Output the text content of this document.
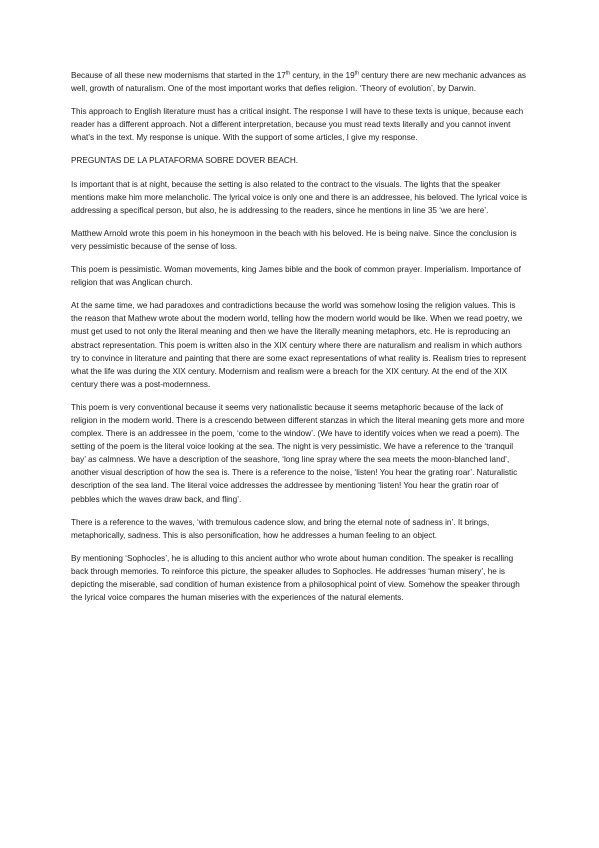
Because of all these new modernisms that started in the 17th century, in the 19th century there are new mechanic advances as well, growth of naturalism. One of the most important works that defies religion. ‘Theory of evolution’, by Darwin.

This approach to English literature must has a critical insight. The response I will have to these texts is unique, because each reader has a different approach. Not a different interpretation, because you must read texts literally and you cannot invent what’s in the text. My response is unique. With the support of some articles, I give my response.

PREGUNTAS DE LA PLATAFORMA SOBRE DOVER BEACH.

Is important that is at night, because the setting is also related to the contract to the visuals. The lights that the speaker mentions make him more melancholic. The lyrical voice is only one and there is an addressee, his beloved. The lyrical voice is addressing a specifical person, but also, he is addressing to the readers, since he mentions in line 35 ‘we are here’.

Matthew Arnold wrote this poem in his honeymoon in the beach with his beloved. He is being naive. Since the conclusion is very pessimistic because of the sense of loss.

This poem is pessimistic. Woman movements, king James bible and the book of common prayer. Imperialism. Importance of religion that was Anglican church.

At the same time, we had paradoxes and contradictions because the world was somehow losing the religion values. This is the reason that Mathew wrote about the modern world, telling how the modern world would be like. When we read poetry, we must get used to not only the literal meaning and then we have the literally meaning metaphors, etc. He is reproducing an abstract representation. This poem is written also in the XIX century where there are naturalism and realism in which authors try to convince in literature and painting that there are some exact representations of what reality is. Realism tries to represent what the life was during the XIX century. Modernism and realism were a breach for the XIX century. At the end of the XIX century there was a post-modernness.

This poem is very conventional because it seems very nationalistic because it seems metaphoric because of the lack of religion in the modern world. There is a crescendo between different stanzas in which the literal meaning gets more and more complex. There is an addressee in the poem, ‘come to the window’. (We have to identify voices when we read a poem). The setting of the poem is the literal voice looking at the sea. The night is very pessimistic. We have a reference to the ‘tranquil bay’ as calmness. We have a description of the seashore, ‘long line spray where the sea meets the moon-blanched land’, another visual description of how the sea is. There is a reference to the noise, ‘listen! You hear the grating roar’. Naturalistic description of the sea land. The literal voice addresses the addressee by mentioning ‘listen! You hear the gratin roar of pebbles which the waves draw back, and fling’.

There is a reference to the waves, ‘with tremulous cadence slow, and bring the eternal note of sadness in’. It brings, metaphorically, sadness. This is also personification, how he addresses a human feeling to an object.

By mentioning ‘Sophocles’, he is alluding to this ancient author who wrote about human condition. The speaker is recalling back through memories. To reinforce this picture, the speaker alludes to Sophocles. He addresses ‘human misery’, he is depicting the miserable, sad condition of human existence from a philosophical point of view. Somehow the speaker through the lyrical voice compares the human miseries with the experiences of the natural elements.
